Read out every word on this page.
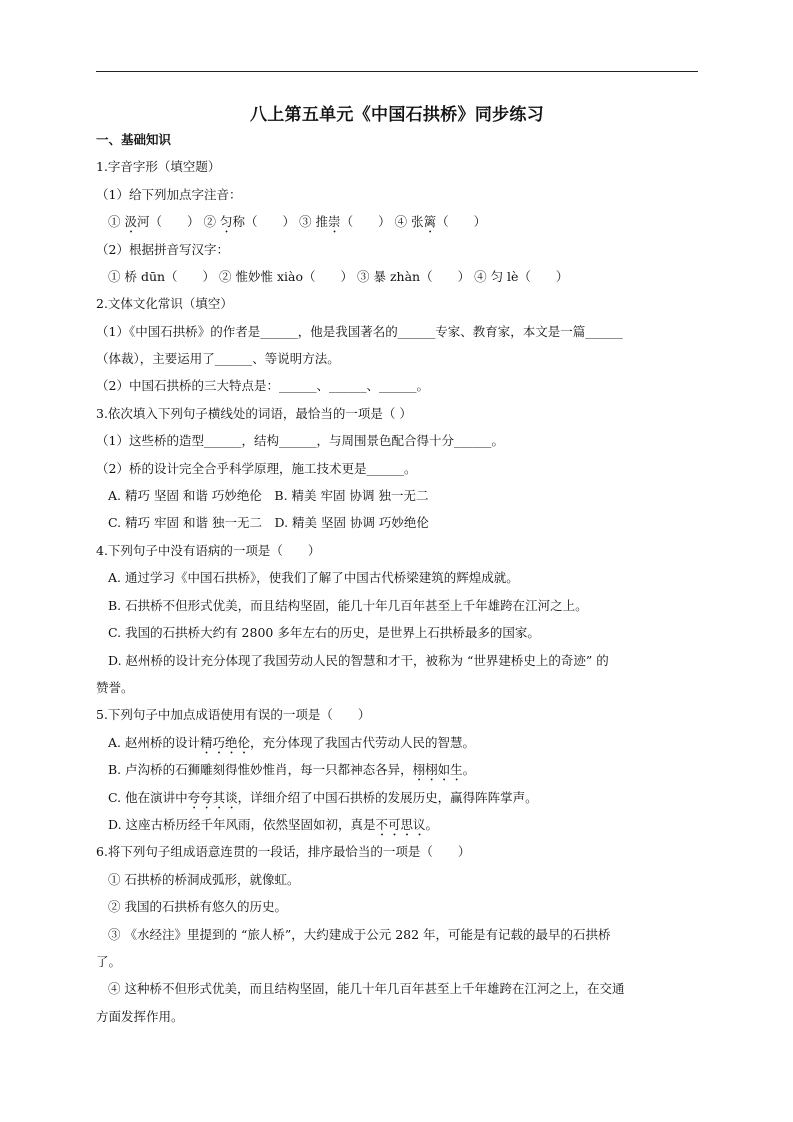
八上第五单元《中国石拱桥》同步练习
一、基础知识
1.字音字形（填空题）
（1）给下列加点字注音：
① 汲河（　　） ② 匀称（　　） ③ 推崇（　　） ④ 张篱（　　）
（2）根据拼音写汉字：
① 桥 dūn（　　） ② 惟妙惟 xiào（　　） ③ 暴 zhàn（　　） ④ 匀 lè（　　）
2.文体文化常识（填空）
（1）《中国石拱桥》的作者是______，他是我国著名的______专家、教育家，本文是一篇______
（体裁），主要运用了______、等说明方法。
（2）中国石拱桥的三大特点是：______、______、______。
3.依次填入下列句子横线处的词语，最恰当的一项是（ ）
（1）这些桥的造型______，结构______，与周围景色配合得十分______。
（2）桥的设计完全合乎科学原理，施工技术更是______。
A. 精巧 坚固 和谐 巧妙绝伦　B. 精美 牢固 协调 独一无二
C. 精巧 牢固 和谐 独一无二　D. 精美 坚固 协调 巧妙绝伦
4.下列句子中没有语病的一项是（　　）
A. 通过学习《中国石拱桥》，使我们了解了中国古代桥梁建筑的辉煌成就。
B. 石拱桥不但形式优美，而且结构坚固，能几十年几百年甚至上千年雄跨在江河之上。
C. 我国的石拱桥大约有 2800 多年左右的历史，是世界上石拱桥最多的国家。
D. 赵州桥的设计充分体现了我国劳动人民的智慧和才干，被称为 “世界建桥史上的奇迹” 的
赞誉。
5.下列句子中加点成语使用有误的一项是（　　）
A. 赵州桥的设计精巧绝伦，充分体现了我国古代劳动人民的智慧。
B. 卢沟桥的石狮雕刻得惟妙惟肖，每一只都神态各异，栩栩如生。
C. 他在演讲中夸夸其谈，详细介绍了中国石拱桥的发展历史，赢得阵阵掌声。
D. 这座古桥历经千年风雨，依然坚固如初，真是不可思议。
6.将下列句子组成语意连贯的一段话，排序最恰当的一项是（　　）
① 石拱桥的桥洞成弧形，就像虹。
② 我国的石拱桥有悠久的历史。
③ 《水经注》里提到的 “旅人桥”，大约建成于公元 282 年，可能是有记载的最早的石拱桥
了。
④ 这种桥不但形式优美，而且结构坚固，能几十年几百年甚至上千年雄跨在江河之上，在交通
方面发挥作用。
